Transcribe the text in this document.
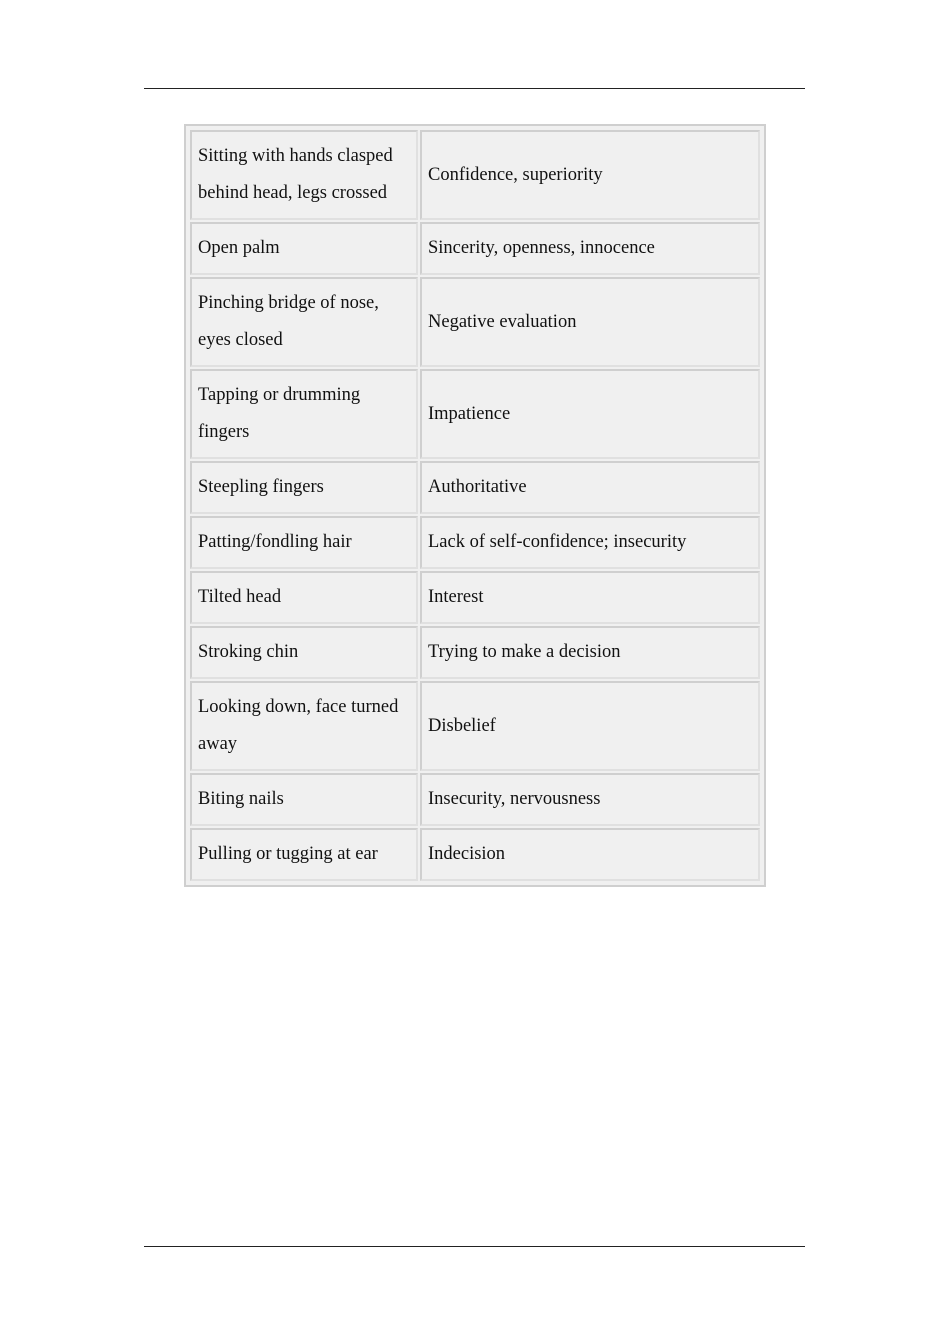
Sitting with hands clasped behind head, legs crossed	Confidence, superiority
Open palm	Sincerity, openness, innocence
Pinching bridge of nose, eyes closed	Negative evaluation
Tapping or drumming fingers	Impatience
Steepling fingers	Authoritative
Patting/fondling hair	Lack of self-confidence; insecurity
Tilted head	Interest
Stroking chin	Trying to make a decision
Looking down, face turned away	Disbelief
Biting nails	Insecurity, nervousness
Pulling or tugging at ear	Indecision
